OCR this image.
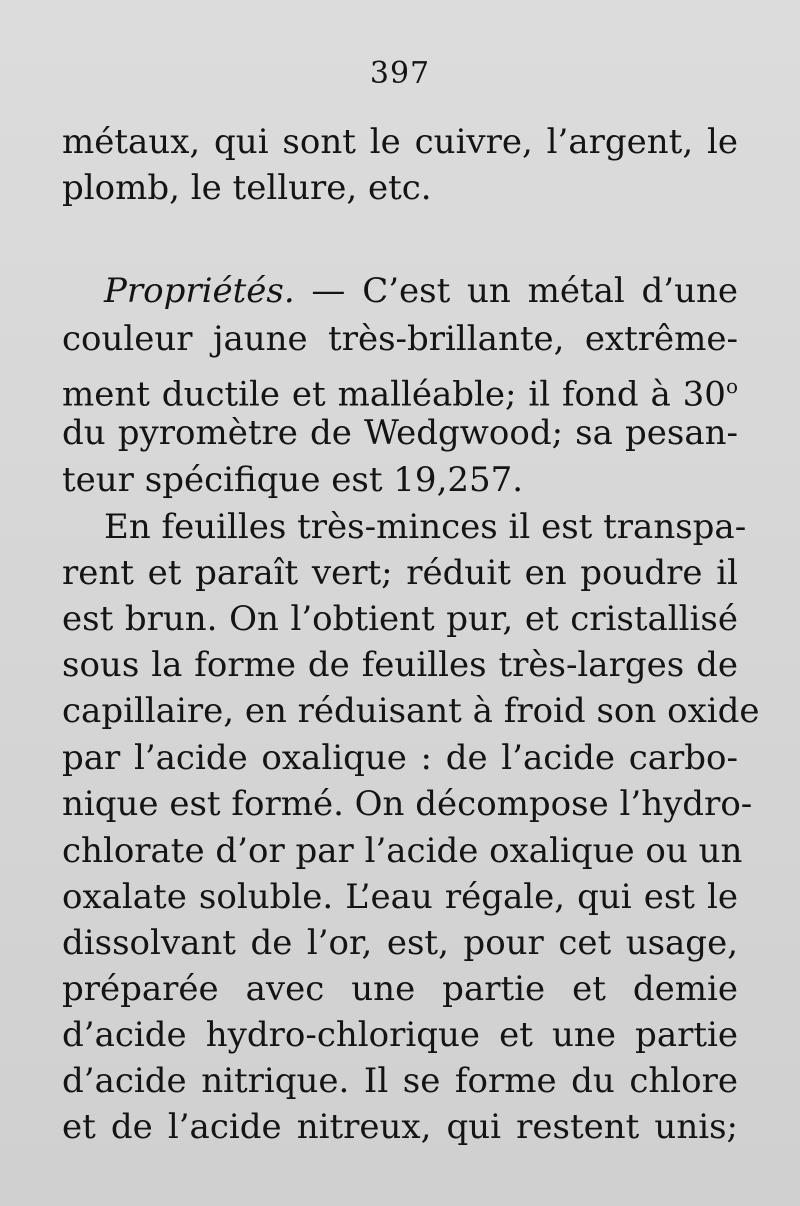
397
métaux, qui sont le cuivre, l’argent, le
plomb, le tellure, etc.
Propriétés. — C’est un métal d’une
couleur jaune très-brillante, extrême-
ment ductile et malléable; il fond à 30$^o$
du pyromètre de Wedgwood; sa pesan-
teur spécifique est 19,257.
En feuilles très-minces il est transpa-
rent et paraît vert; réduit en poudre il
est brun. On l’obtient pur, et cristallisé
sous la forme de feuilles très-larges de
capillaire, en réduisant à froid son oxide
par l’acide oxalique : de l’acide carbo-
nique est formé. On décompose l’hydro-
chlorate d’or par l’acide oxalique ou un
oxalate soluble. L’eau régale, qui est le
dissolvant de l’or, est, pour cet usage,
préparée avec une partie et demie
d’acide hydro-chlorique et une partie
d’acide nitrique. Il se forme du chlore
et de l’acide nitreux, qui restent unis;
